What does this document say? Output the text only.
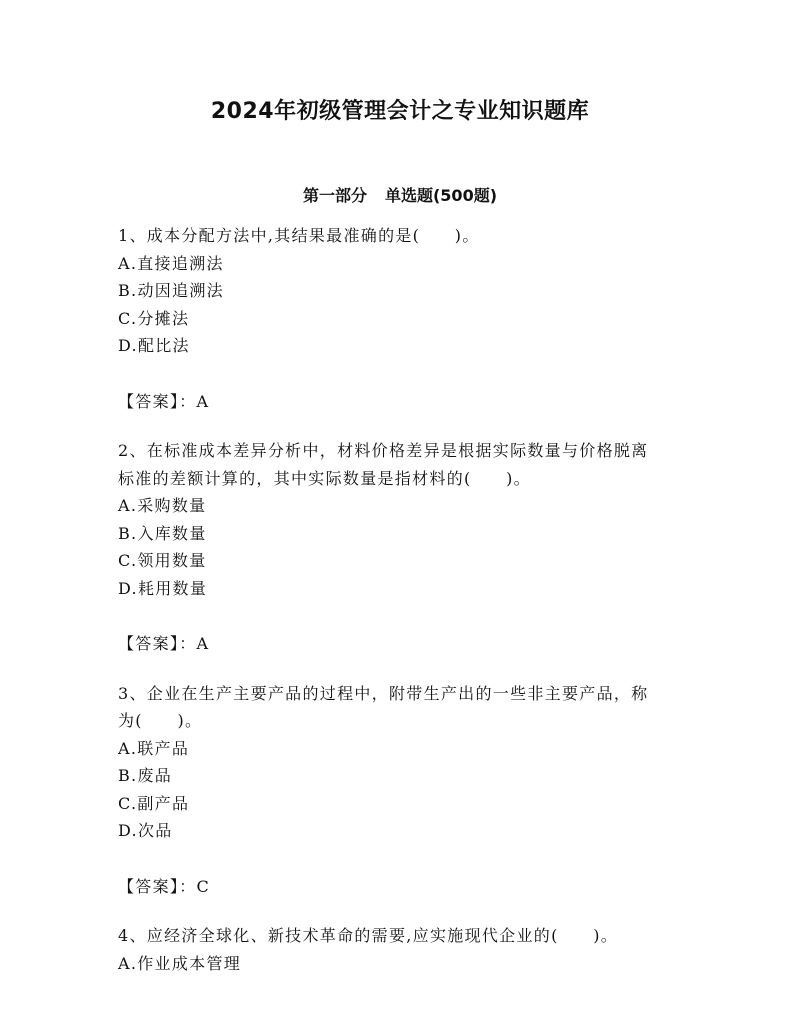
2024年初级管理会计之专业知识题库
第一部分 单选题(500题)

1、成本分配方法中,其结果最准确的是(　　)。

A.直接追溯法

B.动因追溯法

C.分摊法

D.配比法

【答案】：A

2、在标准成本差异分析中，材料价格差异是根据实际数量与价格脱离

标准的差额计算的，其中实际数量是指材料的(　　)。

A.采购数量

B.入库数量

C.领用数量

D.耗用数量

【答案】：A

3、企业在生产主要产品的过程中，附带生产出的一些非主要产品，称

为(　　)。

A.联产品

B.废品

C.副产品

D.次品

【答案】：C

4、应经济全球化、新技术革命的需要,应实施现代企业的(　　)。

A.作业成本管理
